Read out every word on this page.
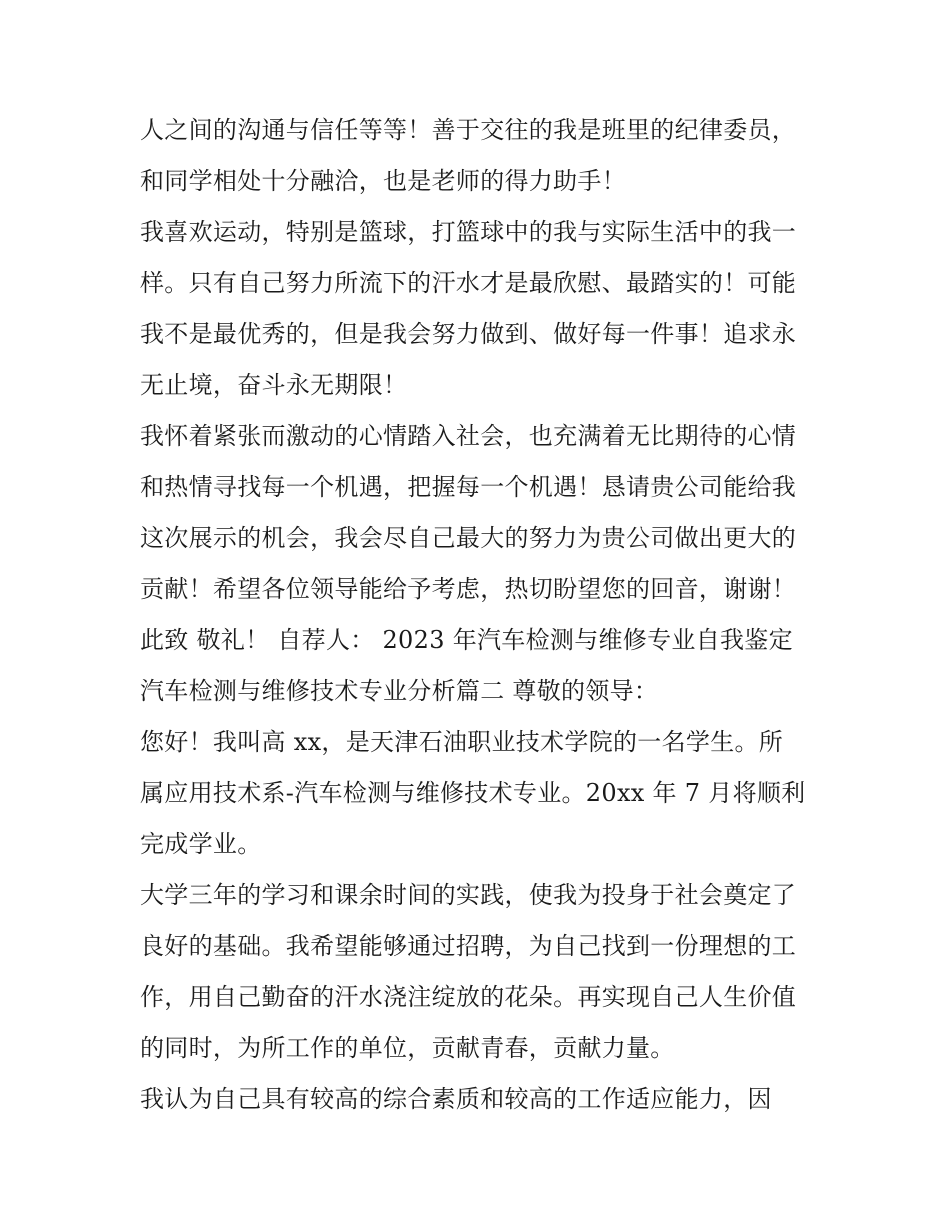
人之间的沟通与信任等等！善于交往的我是班里的纪律委员，
和同学相处十分融洽，也是老师的得力助手！
我喜欢运动，特别是篮球，打篮球中的我与实际生活中的我一
样。只有自己努力所流下的汗水才是最欣慰、最踏实的！可能
我不是最优秀的，但是我会努力做到、做好每一件事！追求永
无止境，奋斗永无期限！
我怀着紧张而激动的心情踏入社会，也充满着无比期待的心情
和热情寻找每一个机遇，把握每一个机遇！恳请贵公司能给我
这次展示的机会，我会尽自己最大的努力为贵公司做出更大的
贡献！希望各位领导能给予考虑，热切盼望您的回音，谢谢！
此致 敬礼！ 自荐人： 2023 年汽车检测与维修专业自我鉴定
汽车检测与维修技术专业分析篇二 尊敬的领导：
您好！我叫高 xx，是天津石油职业技术学院的一名学生。所
属应用技术系-汽车检测与维修技术专业。20xx 年 7 月将顺利
完成学业。
大学三年的学习和课余时间的实践，使我为投身于社会奠定了
良好的基础。我希望能够通过招聘，为自己找到一份理想的工
作，用自己勤奋的汗水浇注绽放的花朵。再实现自己人生价值
的同时，为所工作的单位，贡献青春，贡献力量。
我认为自己具有较高的综合素质和较高的工作适应能力，因
